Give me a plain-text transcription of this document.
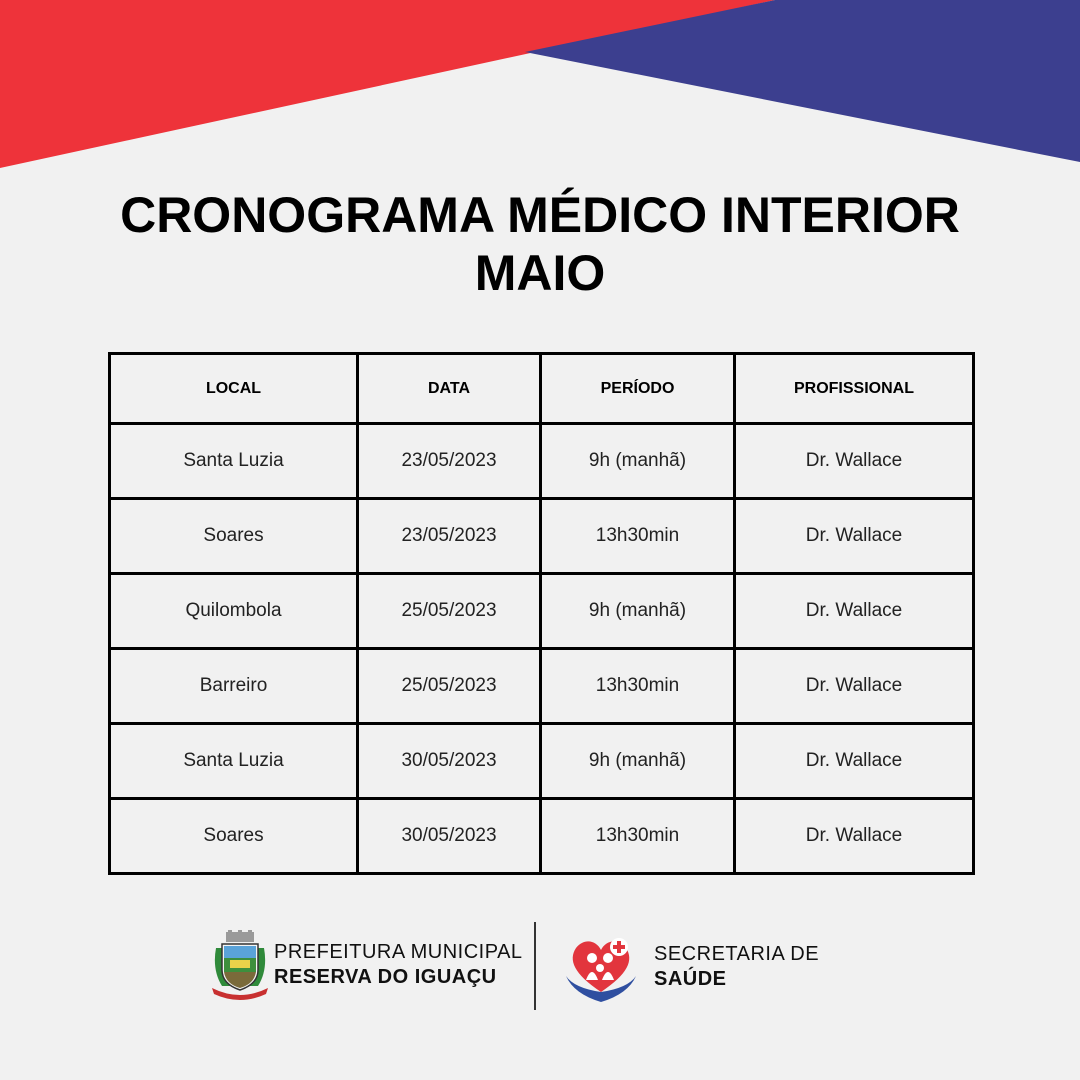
CRONOGRAMA MÉDICO INTERIOR
MAIO
LOCAL	DATA	PERÍODO	PROFISSIONAL
Santa Luzia	23/05/2023	9h (manhã)	Dr. Wallace
Soares	23/05/2023	13h30min	Dr. Wallace
Quilombola	25/05/2023	9h (manhã)	Dr. Wallace
Barreiro	25/05/2023	13h30min	Dr. Wallace
Santa Luzia	30/05/2023	9h (manhã)	Dr. Wallace
Soares	30/05/2023	13h30min	Dr. Wallace
PREFEITURA MUNICIPAL
RESERVA DO IGUAÇU
SECRETARIA DE
SAÚDE
